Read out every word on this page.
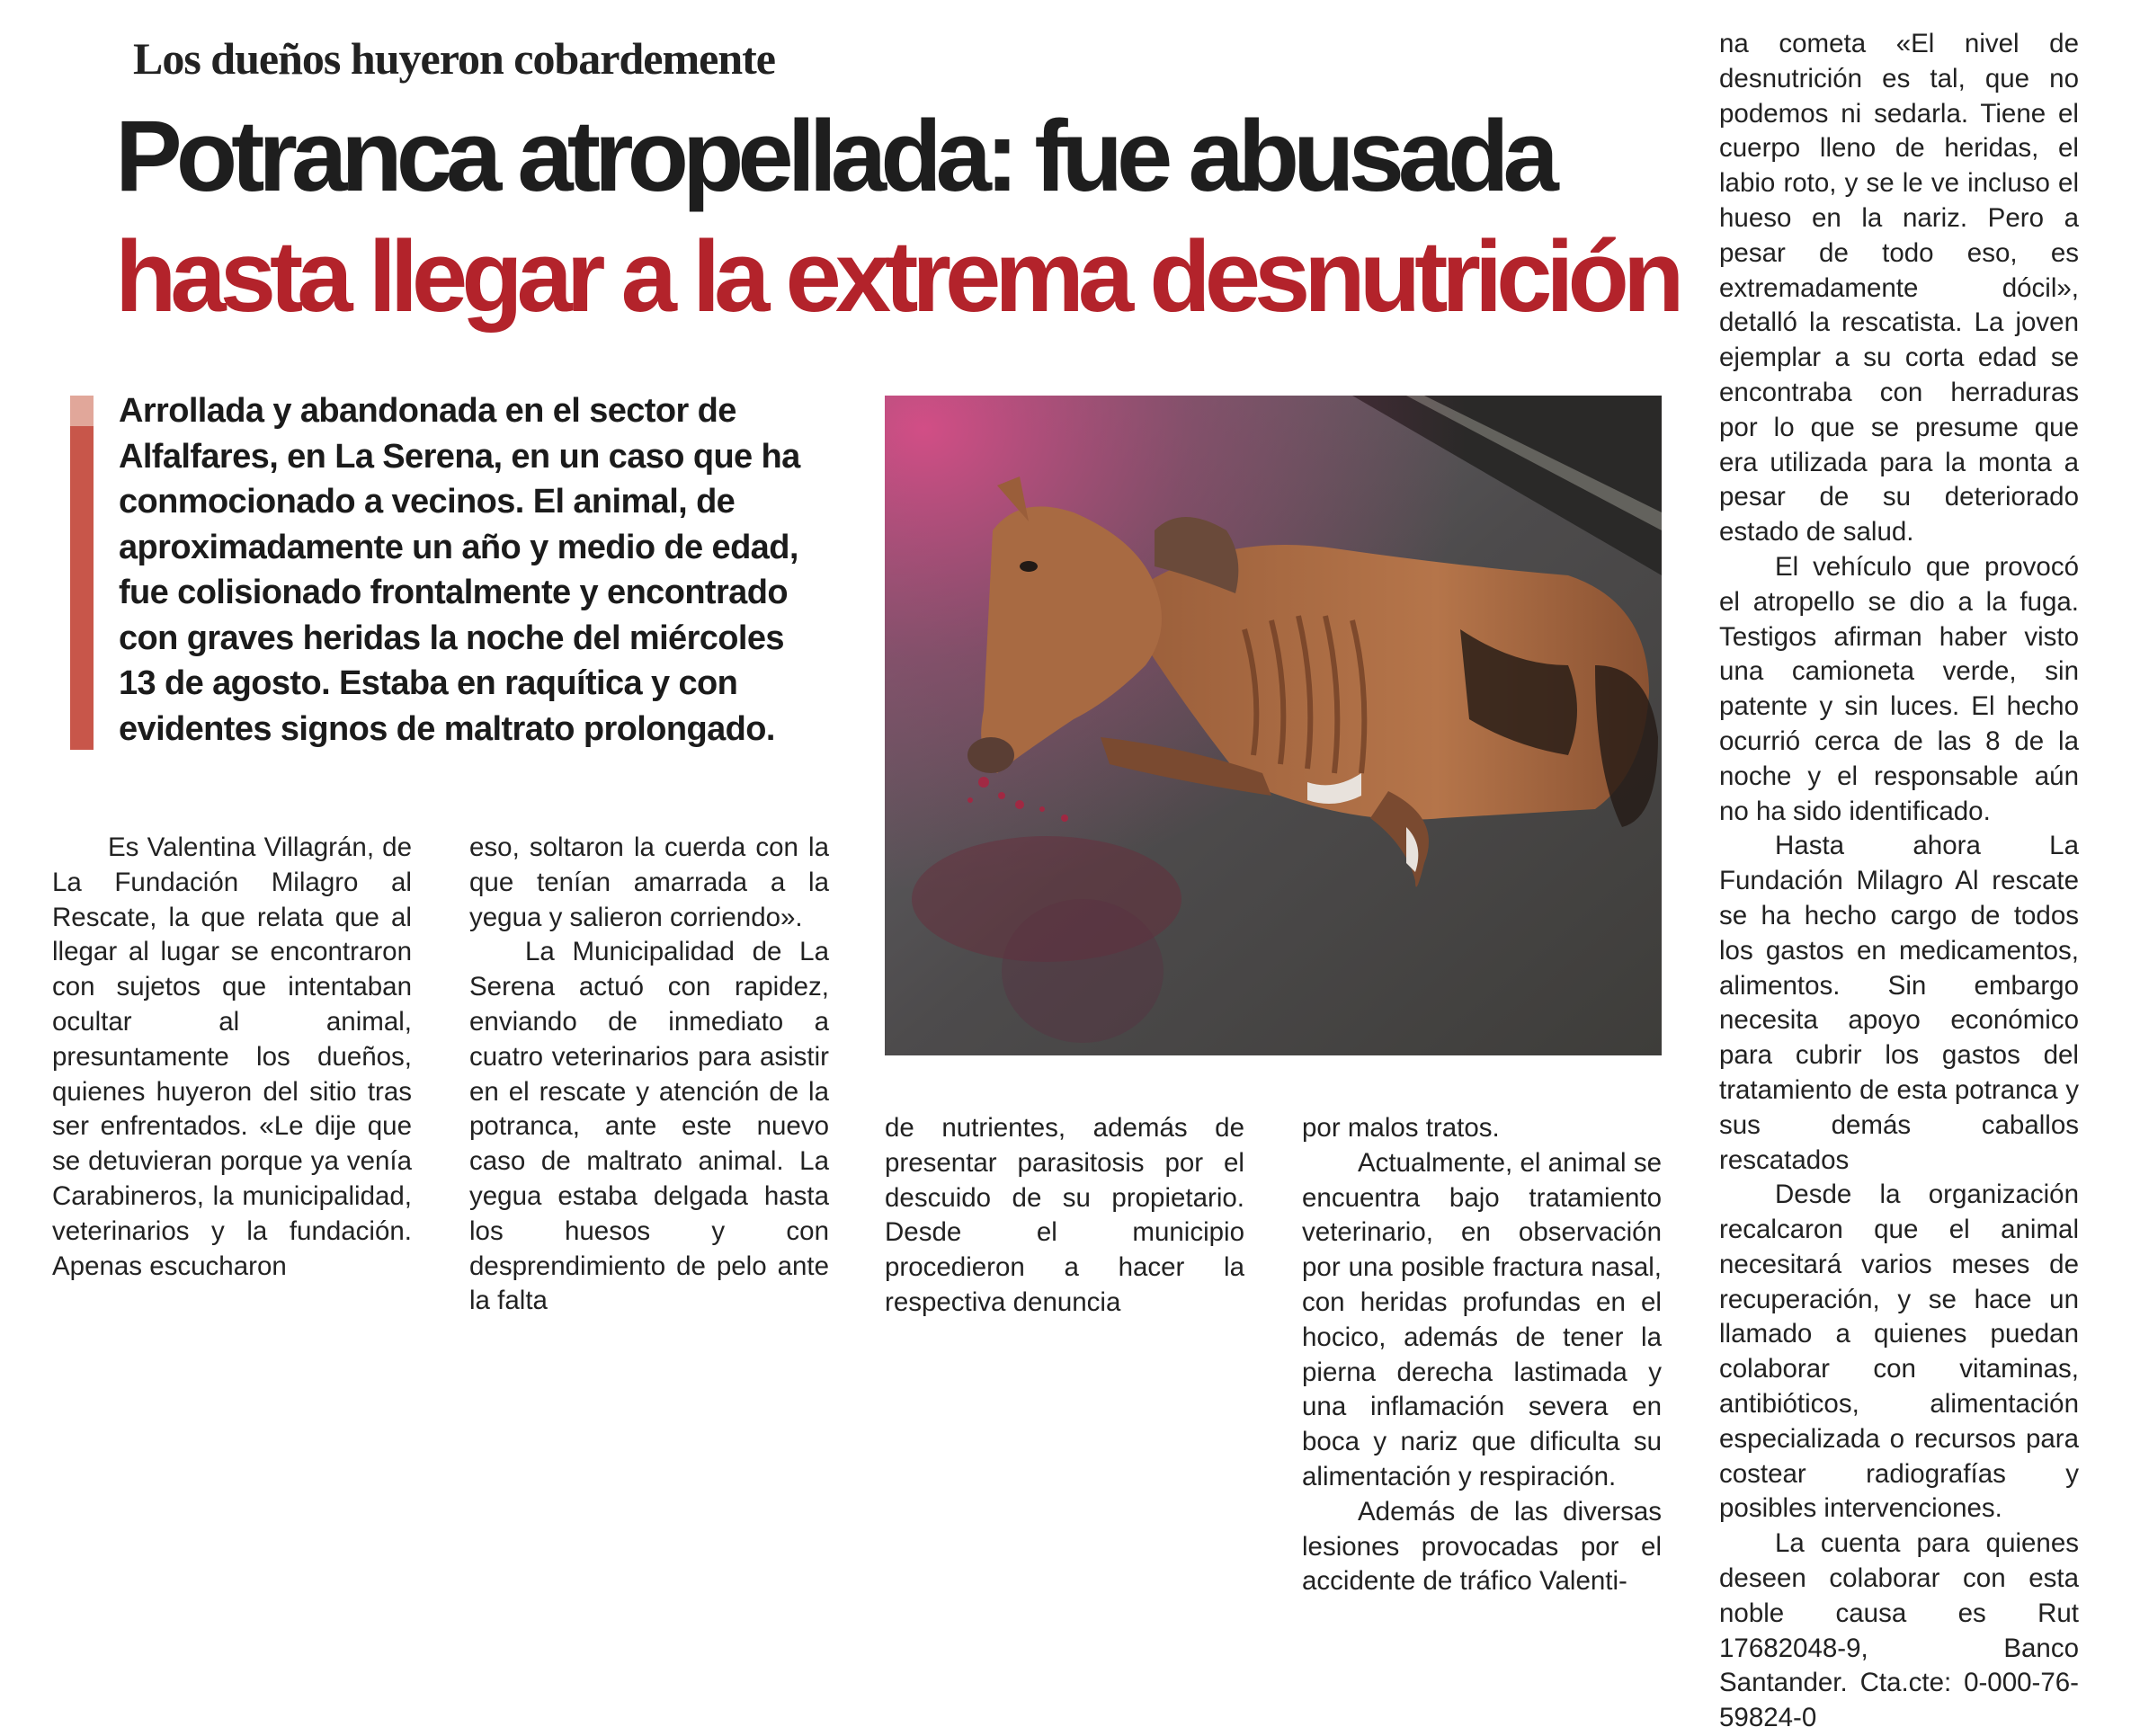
Los dueños huyeron cobardemente
Potranca atropellada: fue abusada
hasta llegar a la extrema desnutrición
Arrollada y abandonada en el sector de Alfalfares, en La Serena, en un caso que ha conmocionado a vecinos. El animal, de aproximadamente un año y medio de edad, fue colisionado frontalmente y encontrado con graves heridas la noche del miércoles 13 de agosto. Estaba en raquítica y con evidentes signos de maltrato prolongado.

Es Valentina Villagrán, de La Fundación Milagro al Rescate, la que relata que al llegar al lugar se encontraron con sujetos que intentaban ocultar al animal, presuntamente los dueños, quienes huyeron del sitio tras ser enfrentados. «Le dije que se detuvieran porque ya venía Carabineros, la municipalidad, veterinarios y la fundación. Apenas escucharon

eso, soltaron la cuerda con la que tenían amarrada a la yegua y salieron corriendo».

La Municipalidad de La Serena actuó con rapidez, enviando de inmediato a cuatro veterinarios para asistir en el rescate y atención de la potranca, ante este nuevo caso de maltrato animal. La yegua estaba delgada hasta los huesos y con desprendimiento de pelo ante la falta

de nutrientes, además de presentar parasitosis por el descuido de su propietario. Desde el municipio procedieron a hacer la respectiva denuncia

por malos tratos.

Actualmente, el animal se encuentra bajo tratamiento veterinario, en observación por una posible fractura nasal, con heridas profundas en el hocico, además de tener la pierna derecha lastimada y una inflamación severa en boca y nariz que dificulta su alimentación y respiración.

Además de las diversas lesiones provocadas por el accidente de tráfico Valenti-

na cometa «El nivel de desnutrición es tal, que no podemos ni sedarla. Tiene el cuerpo lleno de heridas, el labio roto, y se le ve incluso el hueso en la nariz. Pero a pesar de todo eso, es extremadamente dócil», detalló la rescatista. La joven ejemplar a su corta edad se encontraba con herraduras por lo que se presume que era utilizada para la monta a pesar de su deteriorado estado de salud.

El vehículo que provocó el atropello se dio a la fuga. Testigos afirman haber visto una camioneta verde, sin patente y sin luces. El hecho ocurrió cerca de las 8 de la noche y el responsable aún no ha sido identificado.

Hasta ahora La Fundación Milagro Al rescate se ha hecho cargo de todos los gastos en medicamentos, alimentos. Sin embargo necesita apoyo económico para cubrir los gastos del tratamiento de esta potranca y sus demás caballos rescatados

Desde la organización recalcaron que el animal necesitará varios meses de recuperación, y se hace un llamado a quienes puedan colaborar con vitaminas, antibióticos, alimentación especializada o recursos para costear radiografías y posibles intervenciones.

La cuenta para quienes deseen colaborar con esta noble causa es Rut 17682048-9, Banco Santander. Cta.cte: 0-000-76-59824-0
